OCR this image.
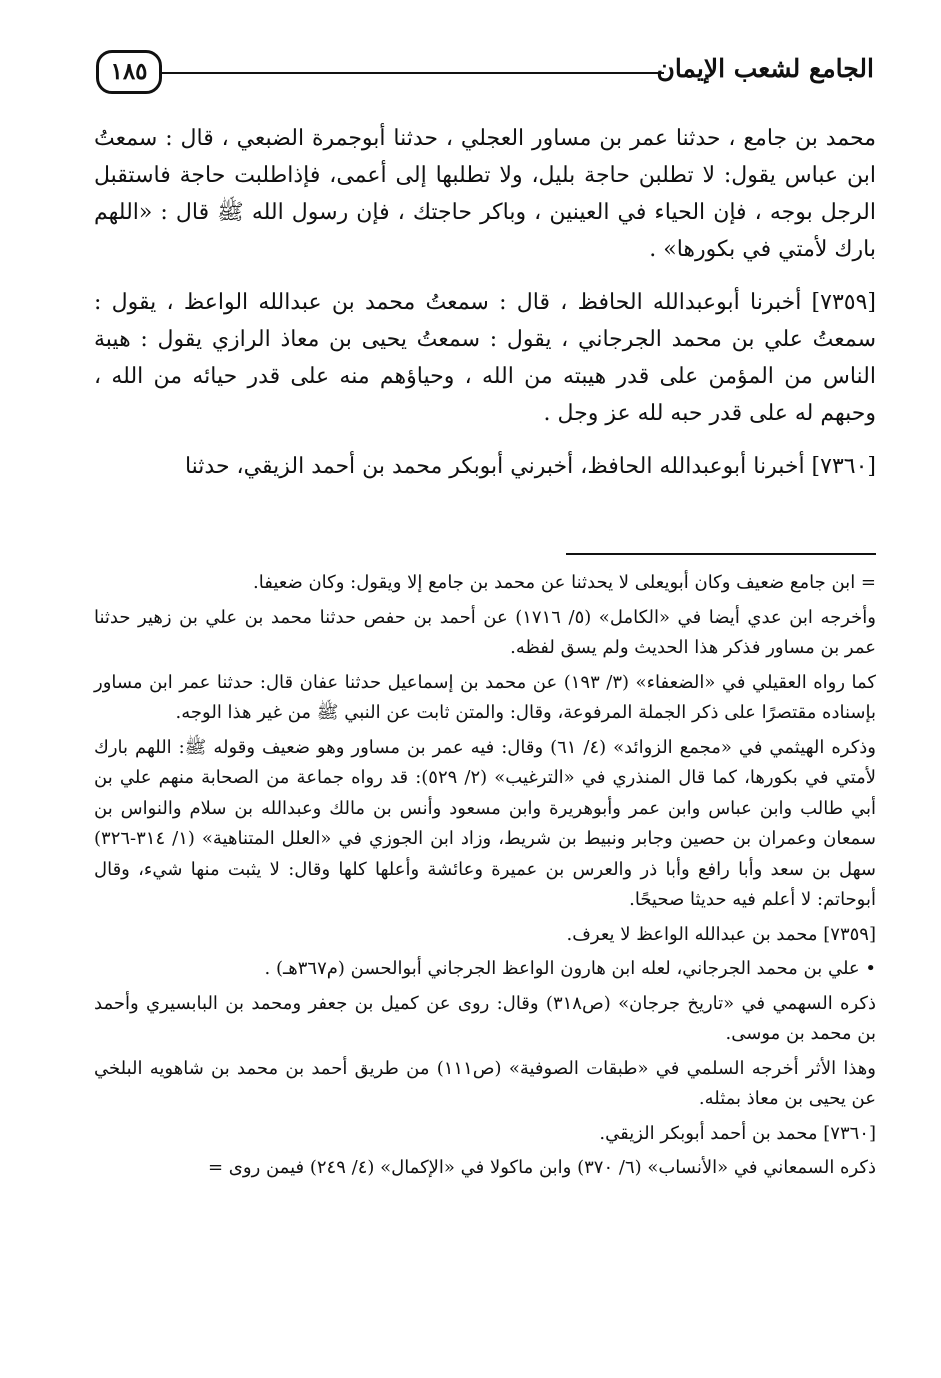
١٨٥	الجامع لشعب الإيمان

محمد بن جامع ، حدثنا عمر بن مساور العجلي ، حدثنا أبوجمرة الضبعي ، قال : سمعتُ ابن عباس يقول: لا تطلبن حاجة بليل، ولا تطلبها إلى أعمى، فإذاطلبت حاجة فاستقبل الرجل بوجه ، فإن الحياء في العينين ، وباكر حاجتك ، فإن رسول الله ﷺ قال : «اللهم بارك لأمتي في بكورها» .

[٧٣٥٩] أخبرنا أبوعبدالله الحافظ ، قال : سمعتُ محمد بن عبدالله الواعظ ، يقول : سمعتُ علي بن محمد الجرجاني ، يقول : سمعتُ يحيى بن معاذ الرازي يقول : هيبة الناس من المؤمن على قدر هيبته من الله ، وحياؤهم منه على قدر حيائه من الله ، وحبهم له على قدر حبه لله عز وجل .

[٧٣٦٠] أخبرنا أبوعبدالله الحافظ، أخبرني أبوبكر محمد بن أحمد الزيقي، حدثنا

= ابن جامع ضعيف وكان أبويعلى لا يحدثنا عن محمد بن جامع إلا ويقول: وكان ضعيفا.

وأخرجه ابن عدي أيضا في «الكامل» (٥/ ١٧١٦) عن أحمد بن حفص حدثنا محمد بن علي بن زهير حدثنا عمر بن مساور فذكر هذا الحديث ولم يسق لفظه.

كما رواه العقيلي في «الضعفاء» (٣/ ١٩٣) عن محمد بن إسماعيل حدثنا عفان قال: حدثنا عمر ابن مساور بإسناده مقتصرًا على ذكر الجملة المرفوعة، وقال: والمتن ثابت عن النبي ﷺ من غير هذا الوجه.

وذكره الهيثمي في «مجمع الزوائد» (٤/ ٦١) وقال: فيه عمر بن مساور وهو ضعيف وقوله ﷺ: اللهم بارك لأمتي في بكورها، كما قال المنذري في «الترغيب» (٢/ ٥٢٩): قد رواه جماعة من الصحابة منهم علي بن أبي طالب وابن عباس وابن عمر وأبوهريرة وابن مسعود وأنس بن مالك وعبدالله بن سلام والنواس بن سمعان وعمران بن حصين وجابر ونبيط بن شريط، وزاد ابن الجوزي في «العلل المتناهية» (١/ ٣١٤-٣٢٦) سهل بن سعد وأبا رافع وأبا ذر والعرس بن عميرة وعائشة وأعلها كلها وقال: لا يثبت منها شيء، وقال أبوحاتم: لا أعلم فيه حديثا صحيحًا.

[٧٣٥٩] محمد بن عبدالله الواعظ لا يعرف.

• علي بن محمد الجرجاني، لعله ابن هارون الواعظ الجرجاني أبوالحسن (م٣٦٧هـ) .

ذكره السهمي في «تاريخ جرجان» (ص٣١٨) وقال: روى عن كميل بن جعفر ومحمد بن البابسيري وأحمد بن محمد بن موسى.

وهذا الأثر أخرجه السلمي في «طبقات الصوفية» (ص١١١) من طريق أحمد بن محمد بن شاهويه البلخي عن يحيى بن معاذ بمثله.

[٧٣٦٠] محمد بن أحمد أبوبكر الزيقي.

ذكره السمعاني في «الأنساب» (٦/ ٣٧٠) وابن ماكولا في «الإكمال» (٤/ ٢٤٩) فيمن روى =
